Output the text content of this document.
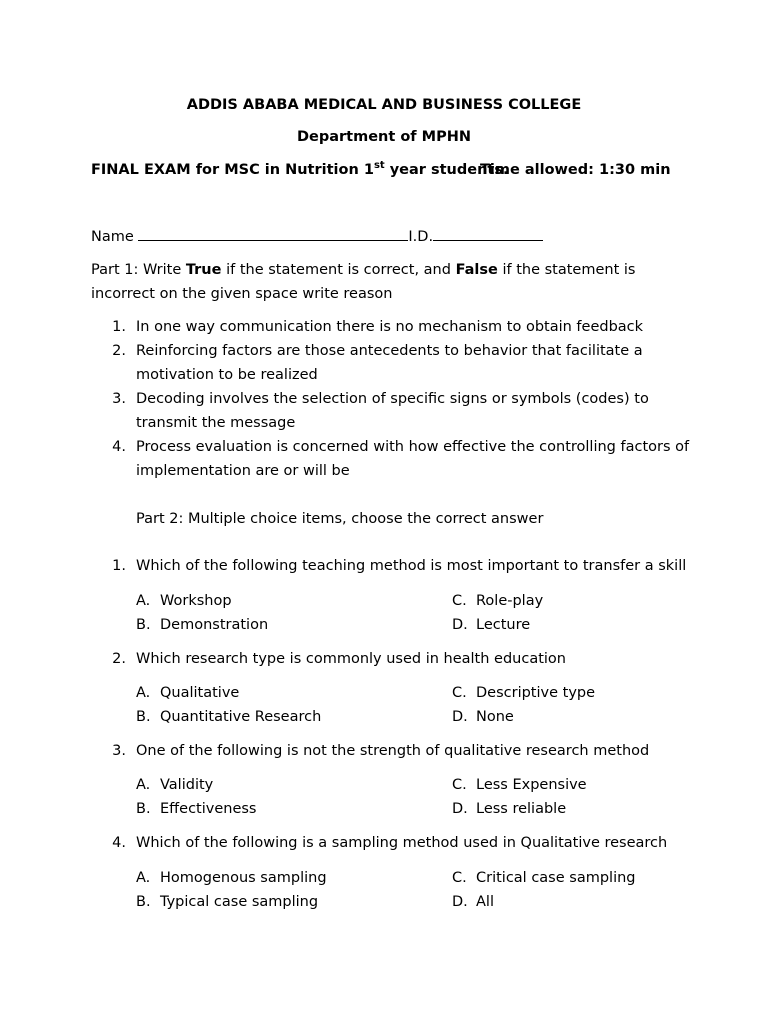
ADDIS ABABA MEDICAL AND BUSINESS COLLEGE
Department of MPHN
FINAL EXAM for MSC in Nutrition 1st year students.
Time allowed: 1:30 min
Name	I.D.
Part 1: Write True if the statement is correct, and False if the statement is
incorrect on the given space write reason
1. In one way communication there is no mechanism to obtain feedback
2. Reinforcing factors are those antecedents to behavior that facilitate a
motivation to be realized
3. Decoding involves the selection of specific signs or symbols (codes) to
transmit the message
4. Process evaluation is concerned with how effective the controlling factors of
implementation are or will be
Part 2: Multiple choice items, choose the correct answer
1. Which of the following teaching method is most important to transfer a skill
A. Workshop	C. Role-play
B. Demonstration	D. Lecture
2. Which research type is commonly used in health education
A. Qualitative	C. Descriptive type
B. Quantitative Research	D. None
3. One of the following is not the strength of qualitative research method
A. Validity	C. Less Expensive
B. Effectiveness	D. Less reliable
4. Which of the following is a sampling method used in Qualitative research
A. Homogenous sampling	C. Critical case sampling
B. Typical case sampling	D. All
